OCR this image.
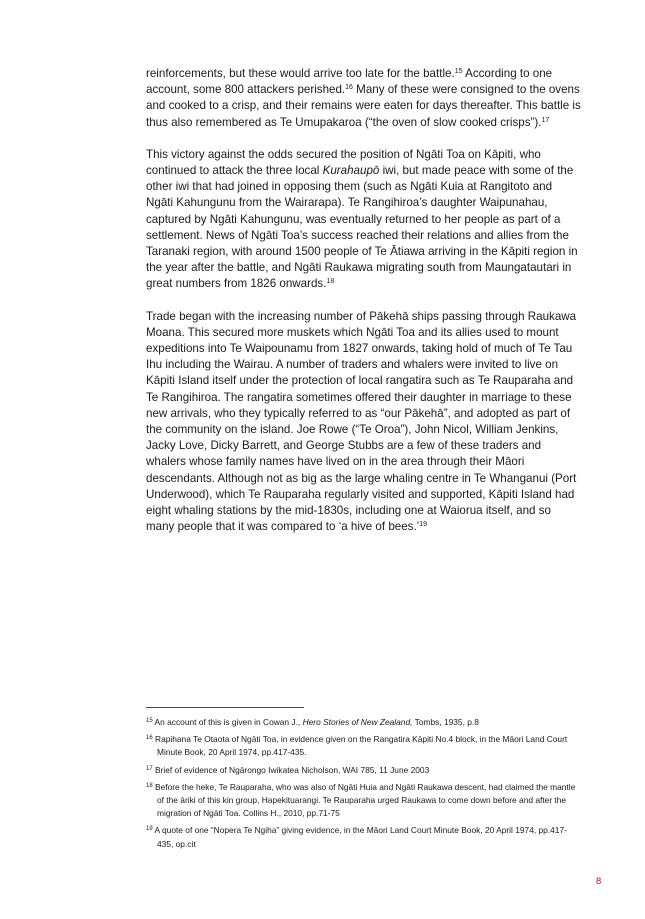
reinforcements, but these would arrive too late for the battle.$^{15}$ According to one account, some 800 attackers perished.$^{16}$ Many of these were consigned to the ovens and cooked to a crisp, and their remains were eaten for days thereafter. This battle is thus also remembered as Te Umupakaroa (“the oven of slow cooked crisps”).$^{17}$

This victory against the odds secured the position of Ngāti Toa on Kāpiti, who continued to attack the three local Kurahaupō iwi, but made peace with some of the other iwi that had joined in opposing them (such as Ngāti Kuia at Rangitoto and Ngāti Kahungunu from the Wairarapa). Te Rangihiroa’s daughter Waipunahau, captured by Ngāti Kahungunu, was eventually returned to her people as part of a settlement. News of Ngāti Toa’s success reached their relations and allies from the Taranaki region, with around 1500 people of Te Ātiawa arriving in the Kāpiti region in the year after the battle, and Ngāti Raukawa migrating south from Maungatautari in great numbers from 1826 onwards.$^{18}$

Trade began with the increasing number of Pākehā ships passing through Raukawa Moana. This secured more muskets which Ngāti Toa and its allies used to mount expeditions into Te Waipounamu from 1827 onwards, taking hold of much of Te Tau Ihu including the Wairau. A number of traders and whalers were invited to live on Kāpiti Island itself under the protection of local rangatira such as Te Rauparaha and Te Rangihiroa. The rangatira sometimes offered their daughter in marriage to these new arrivals, who they typically referred to as “our Pākehā”, and adopted as part of the community on the island. Joe Rowe (“Te Oroa”), John Nicol, William Jenkins, Jacky Love, Dicky Barrett, and George Stubbs are a few of these traders and whalers whose family names have lived on in the area through their Māori descendants. Although not as big as the large whaling centre in Te Whanganui (Port Underwood), which Te Rauparaha regularly visited and supported, Kāpiti Island had eight whaling stations by the mid-1830s, including one at Waiorua itself, and so many people that it was compared to ‘a hive of bees.’$^{19}$

$^{15}$ An account of this is given in Cowan J., Hero Stories of New Zealand, Tombs, 1935, p.8
$^{16}$ Rapihana Te Otaota of Ngāti Toa, in evidence given on the Rangatira Kāpiti No.4 block, in the Māori Land Court Minute Book, 20 April 1974, pp.417-435.
$^{17}$ Brief of evidence of Ngārongo Iwikatea Nicholson, WAI 785, 11 June 2003
$^{18}$ Before the heke, Te Rauparaha, who was also of Ngāti Huia and Ngāti Raukawa descent, had claimed the mantle of the āriki of this kin group, Hapekituarangi. Te Rauparaha urged Raukawa to come down before and after the migration of Ngāti Toa. Collins H., 2010, pp.71-75
$^{19}$ A quote of one “Nopera Te Ngiha” giving evidence, in the Māori Land Court Minute Book, 20 April 1974, pp.417-435, op.cit
8
